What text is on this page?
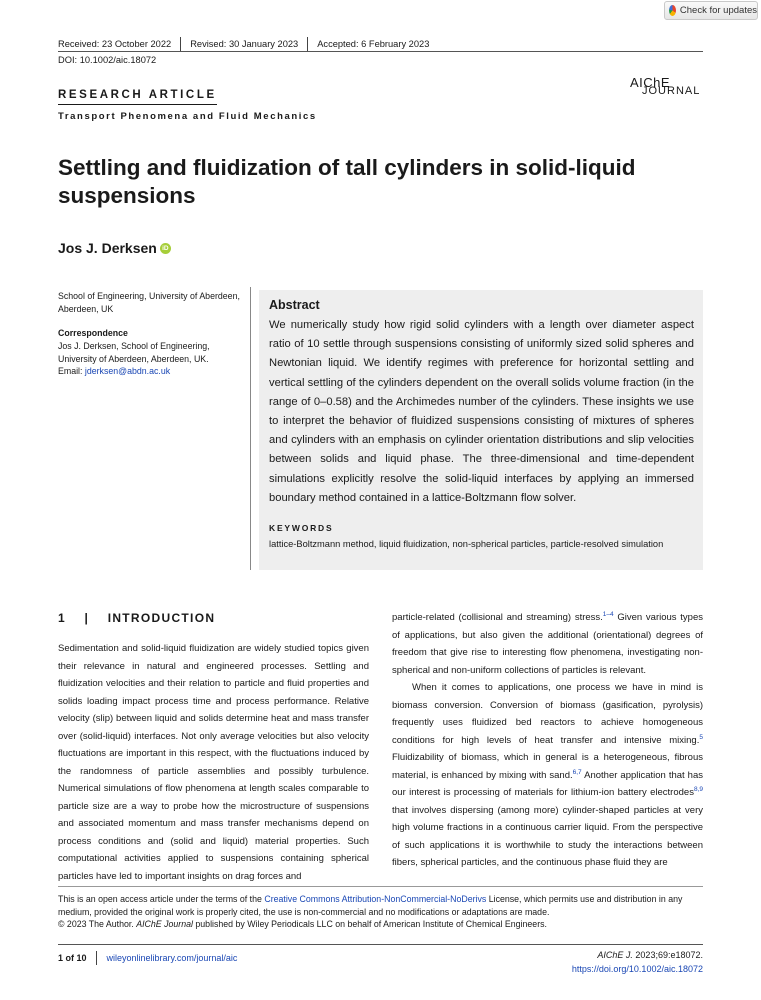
Check for updates
Received: 23 October 2022	Revised: 30 January 2023	Accepted: 6 February 2023
DOI: 10.1002/aic.18072
AIChE
JOURNAL
RESEARCH ARTICLE
Transport Phenomena and Fluid Mechanics
Settling and fluidization of tall cylinders in solid-liquid suspensions
Jos J. Derksen iD
School of Engineering, University of Aberdeen, Aberdeen, UK
Correspondence
Jos J. Derksen, School of Engineering, University of Aberdeen, Aberdeen, UK.
Email: jderksen@abdn.ac.uk
Abstract
We numerically study how rigid solid cylinders with a length over diameter aspect ratio of 10 settle through suspensions consisting of uniformly sized solid spheres and Newtonian liquid. We identify regimes with preference for horizontal settling and vertical settling of the cylinders dependent on the overall solids volume fraction (in the range of 0–0.58) and the Archimedes number of the cylinders. These insights we use to interpret the behavior of fluidized suspensions consisting of mixtures of spheres and cylinders with an emphasis on cylinder orientation distributions and slip velocities between solids and liquid phase. The three-dimensional and time-dependent simulations explicitly resolve the solid-liquid interfaces by applying an immersed boundary method contained in a lattice-Boltzmann flow solver.
KEYWORDS
lattice-Boltzmann method, liquid fluidization, non-spherical particles, particle-resolved simulation
1    |    INTRODUCTION

Sedimentation and solid-liquid fluidization are widely studied topics given their relevance in natural and engineered processes. Settling and fluidization velocities and their relation to particle and fluid properties and solids loading impact process time and process performance. Relative velocity (slip) between liquid and solids determine heat and mass transfer over (solid-liquid) interfaces. Not only average velocities but also velocity fluctuations are important in this respect, with the fluctuations induced by the randomness of particle assemblies and possibly turbulence. Numerical simulations of flow phenomena at length scales comparable to particle size are a way to probe how the microstructure of suspensions and associated momentum and mass transfer mechanisms depend on process conditions and (solid and liquid) material properties. Such computational activities applied to suspensions containing spherical particles have led to important insights on drag forces and

particle-related (collisional and streaming) stress.$^{1-4}$ Given various types of applications, but also given the additional (orientational) degrees of freedom that give rise to interesting flow phenomena, investigating non-spherical and non-uniform collections of particles is relevant.

When it comes to applications, one process we have in mind is biomass conversion. Conversion of biomass (gasification, pyrolysis) frequently uses fluidized bed reactors to achieve homogeneous conditions for high levels of heat transfer and intensive mixing.$^5$ Fluidizability of biomass, which in general is a heterogeneous, fibrous material, is enhanced by mixing with sand.$^{6,7}$ Another application that has our interest is processing of materials for lithium-ion battery electrodes$^{8,9}$ that involves dispersing (among more) cylinder-shaped particles at very high volume fractions in a continuous carrier liquid. From the perspective of such applications it is worthwhile to study the interactions between fibers, spherical particles, and the continuous phase fluid they are

This is an open access article under the terms of the Creative Commons Attribution-NonCommercial-NoDerivs License, which permits use and distribution in any medium, provided the original work is properly cited, the use is non-commercial and no modifications or adaptations are made.
© 2023 The Author. AIChE Journal published by Wiley Periodicals LLC on behalf of American Institute of Chemical Engineers.
1 of 10	wileyonlinelibrary.com/journal/aic	AIChE J. 2023;69:e18072.
https://doi.org/10.1002/aic.18072
